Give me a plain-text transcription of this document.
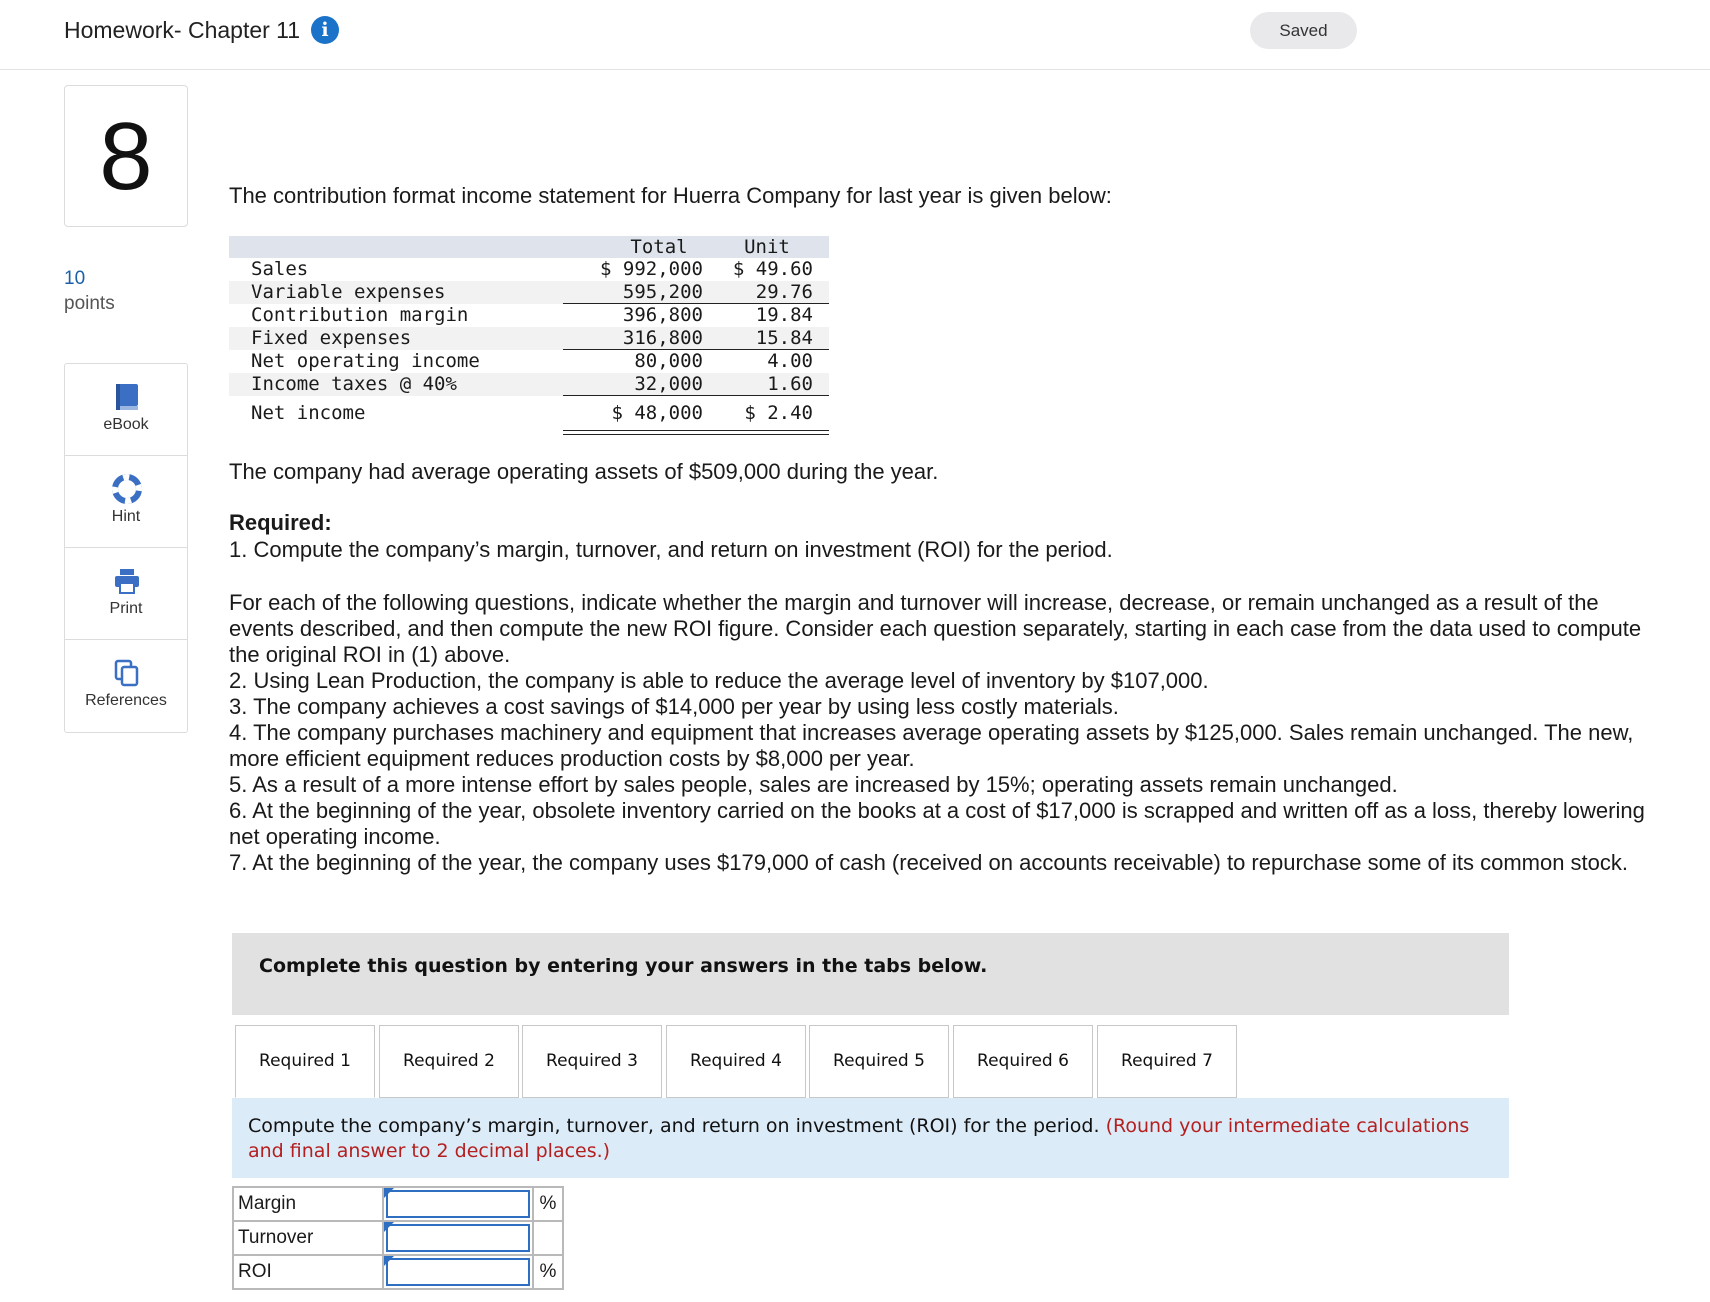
Homework- Chapter 11	i	Saved
8
10
points
eBook
Hint
Print
References
The contribution format income statement for Huerra Company for last year is given below:
Total	Unit
Sales	$ 992,000	$ 49.60
Variable expenses	595,200	29.76
Contribution margin	396,800	19.84
Fixed expenses	316,800	15.84
Net operating income	80,000	4.00
Income taxes @ 40%	32,000	1.60
Net income	$ 48,000	$ 2.40
The company had average operating assets of $509,000 during the year.
Required:
1. Compute the company’s margin, turnover, and return on investment (ROI) for the period.

For each of the following questions, indicate whether the margin and turnover will increase, decrease, or remain unchanged as a result of the events described, and then compute the new ROI figure. Consider each question separately, starting in each case from the data used to compute the original ROI in (1) above.

2. Using Lean Production, the company is able to reduce the average level of inventory by $107,000.

3. The company achieves a cost savings of $14,000 per year by using less costly materials.

4. The company purchases machinery and equipment that increases average operating assets by $125,000. Sales remain unchanged. The new, more efficient equipment reduces production costs by $8,000 per year.

5. As a result of a more intense effort by sales people, sales are increased by 15%; operating assets remain unchanged.

6. At the beginning of the year, obsolete inventory carried on the books at a cost of $17,000 is scrapped and written off as a loss, thereby lowering net operating income.

7. At the beginning of the year, the company uses $179,000 of cash (received on accounts receivable) to repurchase some of its common stock.

Complete this question by entering your answers in the tabs below.
Required 1	Required 2	Required 3	Required 4	Required 5	Required 6	Required 7
Compute the company’s margin, turnover, and return on investment (ROI) for the period. (Round your intermediate calculations and final answer to 2 decimal places.)
Margin		%
Turnover	

ROI		%
